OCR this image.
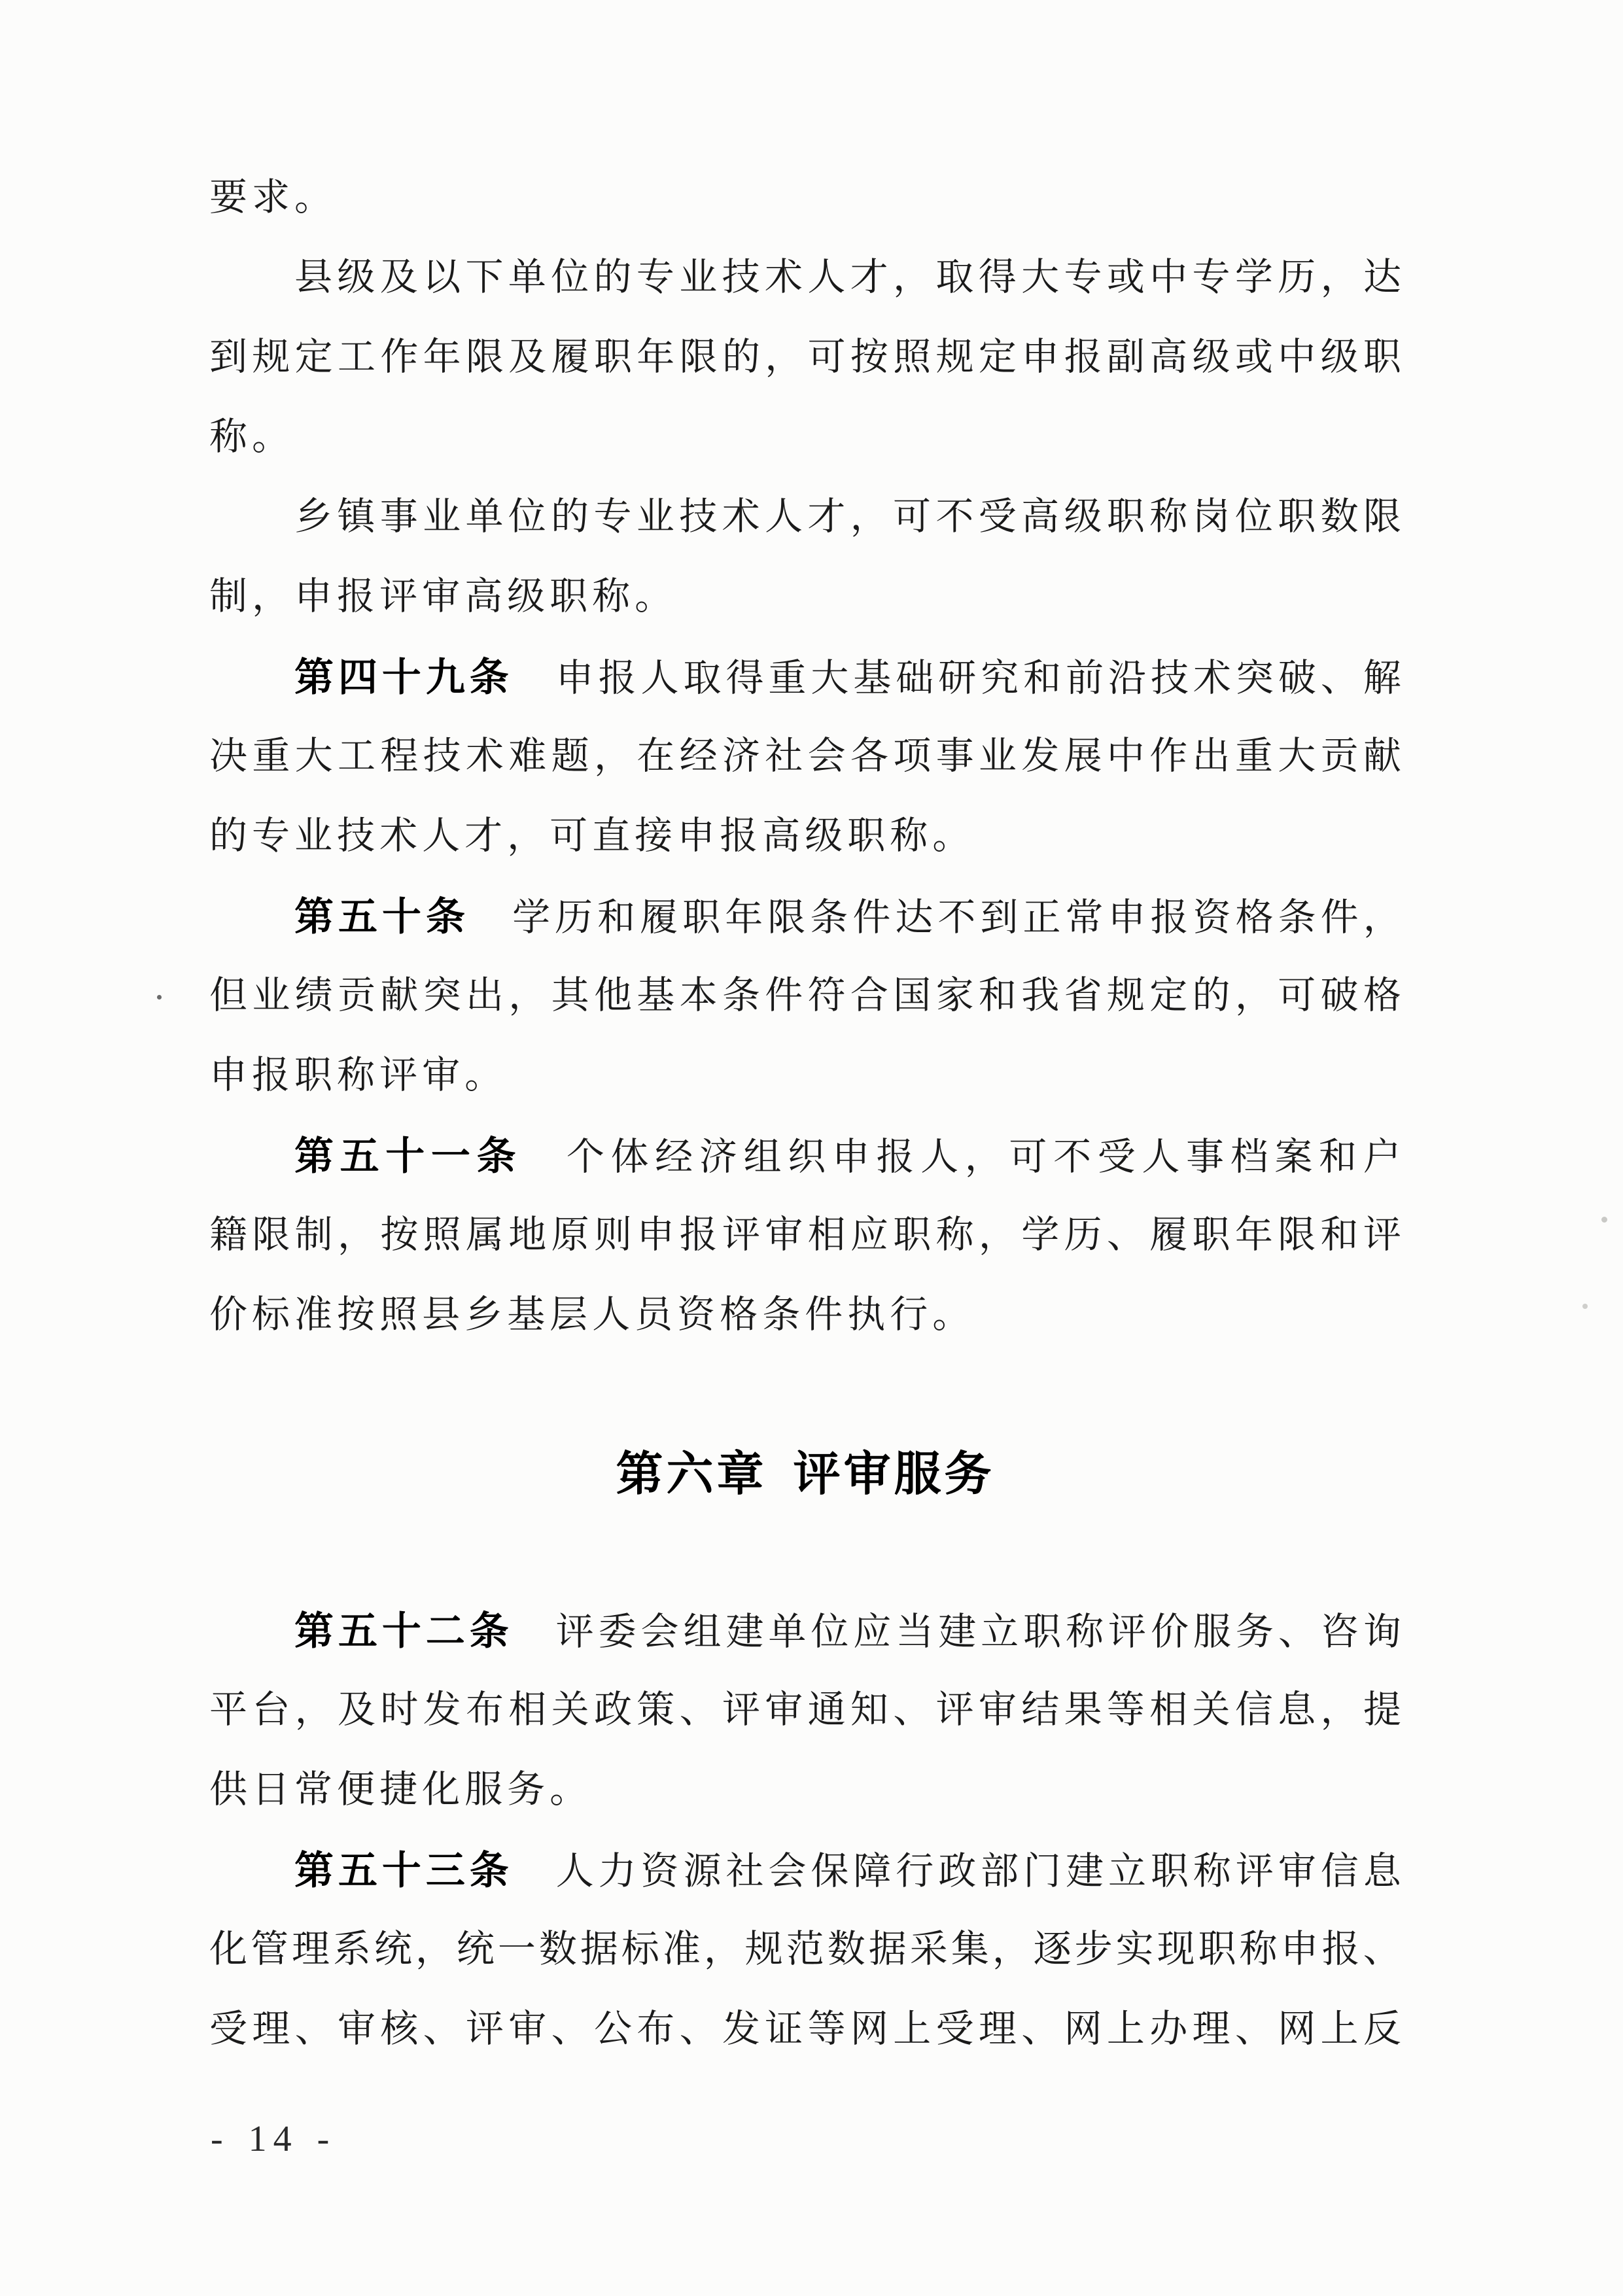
要 求 。
县 级 及 以 下 单 位 的 专 业 技 术 人 才 ， 取 得 大 专 或 中 专 学 历 ， 达
到 规 定 工 作 年 限 及 履 职 年 限 的 ， 可 按 照 规 定 申 报 副 高 级 或 中 级 职
称 。
乡 镇 事 业 单 位 的 专 业 技 术 人 才 ， 可 不 受 高 级 职 称 岗 位 职 数 限
制 ， 申 报 评 审 高 级 职 称 。
第 四 十 九 条 申 报 人 取 得 重 大 基 础 研 究 和 前 沿 技 术 突 破 、 解
决 重 大 工 程 技 术 难 题 ， 在 经 济 社 会 各 项 事 业 发 展 中 作 出 重 大 贡 献
的 专 业 技 术 人 才 ， 可 直 接 申 报 高 级 职 称 。
第 五 十 条 学 历 和 履 职 年 限 条 件 达 不 到 正 常 申 报 资 格 条 件 ，
但 业 绩 贡 献 突 出 ， 其 他 基 本 条 件 符 合 国 家 和 我 省 规 定 的 ， 可 破 格
申 报 职 称 评 审 。
第 五 十 一 条 个 体 经 济 组 织 申 报 人 ， 可 不 受 人 事 档 案 和 户
籍 限 制 ， 按 照 属 地 原 则 申 报 评 审 相 应 职 称 ， 学 历 、 履 职 年 限 和 评
价 标 准 按 照 县 乡 基 层 人 员 资 格 条 件 执 行 。
第 五 十 二 条 评 委 会 组 建 单 位 应 当 建 立 职 称 评 价 服 务 、 咨 询
平 台 ， 及 时 发 布 相 关 政 策 、 评 审 通 知 、 评 审 结 果 等 相 关 信 息 ， 提
供 日 常 便 捷 化 服 务 。
第 五 十 三 条 人 力 资 源 社 会 保 障 行 政 部 门 建 立 职 称 评 审 信 息
化 管 理 系 统 ， 统 一 数 据 标 准 ， 规 范 数 据 采 集 ， 逐 步 实 现 职 称 申 报 、
受 理 、 审 核 、 评 审 、 公 布 、 发 证 等 网 上 受 理 、 网 上 办 理 、 网 上 反
第六章 评审服务
- 14 -
